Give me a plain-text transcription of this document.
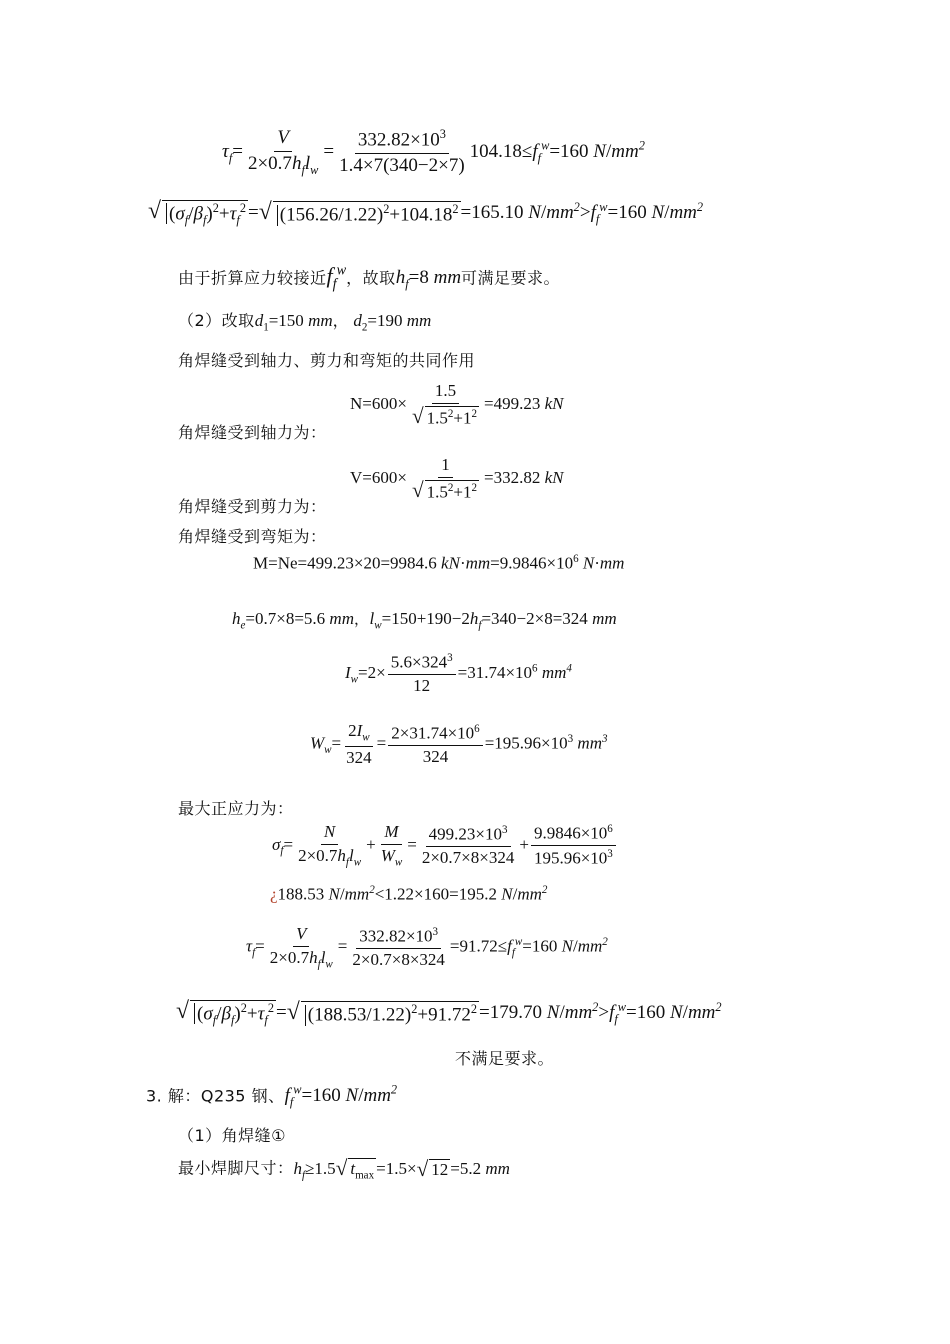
$\tau_f= \frac{V}{2\times 0.7h_fl_w} = \frac{332.82\times 10^3}{1.4\times 7(340-2\times 7)} 104.18\le f_f^w=160$ $N/mm^2$
√ $(\sigma_f/\beta_f)^2+\tau_f^2$ = √ $(156.26/1.22)^2+104.18^2 =165.10$ $N/mm^2>f_f^w=160$ $N/mm^2$
由于折算应力较接近$f_f^w$，故取$h_f=8$ mm可满足要求。
（2）改取$d_1=150$ mm， $d_2=190$ mm
角焊缝受到轴力、剪力和弯矩的共同作用
$N=600\times \frac{1.5}{√ 1.5^2+1^2} =499.23$ kN
角焊缝受到轴力为：
$V=600\times \frac{1}{√ 1.5^2+1^2} =332.82$ kN
角焊缝受到剪力为：
角焊缝受到弯矩为：
M=Ne=499.23×20=9984.6 $kN\cdot mm=9.9846\times 10^6$ N·mm
$h_e=0.7\times 8=5.6$ mm，$l_w=150+190-2h_f=340-2\times 8=324$ mm
$I_w=2\times \frac{5.6\times 324^3}{12} =31.74\times 10^6$ $mm^4$
$W_w= \frac{2I_w}{324} = \frac{2\times 31.74\times 10^6}{324} =195.96\times 10^3$ $mm^3$
最大正应力为：
$\sigma_f= \frac{N}{2\times 0.7h_fl_w} + \frac{M}{W_w} = \frac{499.23\times 10^3}{2\times 0.7\times 8\times 324} + \frac{9.9846\times 10^6}{195.96\times 10^3}$
¿188.53 $N/mm^2<1.22\times 160=195.2$ $N/mm^2$
$\tau_f= \frac{V}{2\times 0.7h_fl_w} = \frac{332.82\times 10^3}{2\times 0.7\times 8\times 324} =91.72\le f_f^w=160$ $N/mm^2$
√ $(\sigma_f/\beta_f)^2+\tau_f^2$ = √ $(188.53/1.22)^2+91.72^2 =179.70$ $N/mm^2>f_f^w=160$ $N/mm^2$
不满足要求。
3. 解：Q235 钢、$f_f^w=160$ $N/mm^2$
（1）角焊缝①
最小焊脚尺寸：$h_f\ge 1.5$ √ $t_{max} =1.5\times$ √ 12 =5.2 mm
